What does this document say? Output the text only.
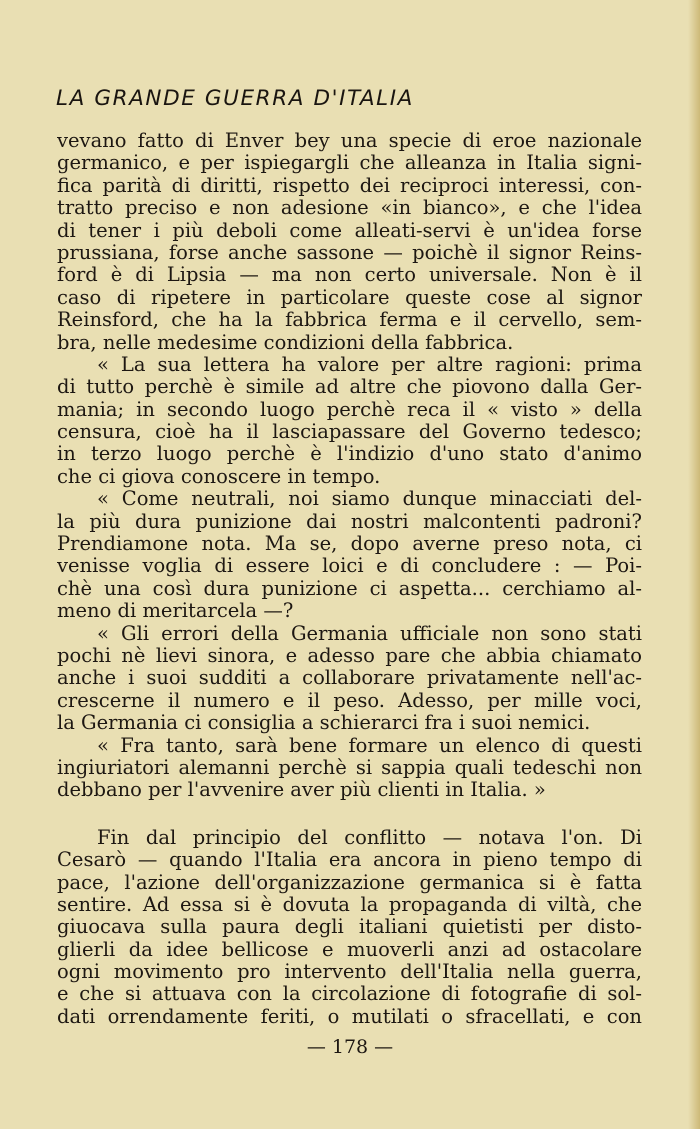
LA GRANDE GUERRA D'ITALIA
vevano fatto di Enver bey una specie di eroe nazionale
germanico, e per ispiegargli che alleanza in Italia signi-
fica parità di diritti, rispetto dei reciproci interessi, con-
tratto preciso e non adesione «in bianco», e che l'idea
di tener i più deboli come alleati-servi è un'idea forse
prussiana, forse anche sassone — poichè il signor Reins-
ford è di Lipsia — ma non certo universale. Non è il
caso di ripetere in particolare queste cose al signor
Reinsford, che ha la fabbrica ferma e il cervello, sem-
bra, nelle medesime condizioni della fabbrica.
« La sua lettera ha valore per altre ragioni: prima
di tutto perchè è simile ad altre che piovono dalla Ger-
mania; in secondo luogo perchè reca il « visto » della
censura, cioè ha il lasciapassare del Governo tedesco;
in terzo luogo perchè è l'indizio d'uno stato d'animo
che ci giova conoscere in tempo.
« Come neutrali, noi siamo dunque minacciati del-
la più dura punizione dai nostri malcontenti padroni?
Prendiamone nota. Ma se, dopo averne preso nota, ci
venisse voglia di essere loici e di concludere : — Poi-
chè una così dura punizione ci aspetta... cerchiamo al-
meno di meritarcela —?
« Gli errori della Germania ufficiale non sono stati
pochi nè lievi sinora, e adesso pare che abbia chiamato
anche i suoi sudditi a collaborare privatamente nell'ac-
crescerne il numero e il peso. Adesso, per mille voci,
la Germania ci consiglia a schierarci fra i suoi nemici.
« Fra tanto, sarà bene formare un elenco di questi
ingiuriatori alemanni perchè si sappia quali tedeschi non
debbano per l'avvenire aver più clienti in Italia. »
Fin dal principio del conflitto — notava l'on. Di
Cesarò — quando l'Italia era ancora in pieno tempo di
pace, l'azione dell'organizzazione germanica si è fatta
sentire. Ad essa si è dovuta la propaganda di viltà, che
giuocava sulla paura degli italiani quietisti per disto-
glierli da idee bellicose e muoverli anzi ad ostacolare
ogni movimento pro intervento dell'Italia nella guerra,
e che si attuava con la circolazione di fotografie di sol-
dati orrendamente feriti, o mutilati o sfracellati, e con
— 178 —
